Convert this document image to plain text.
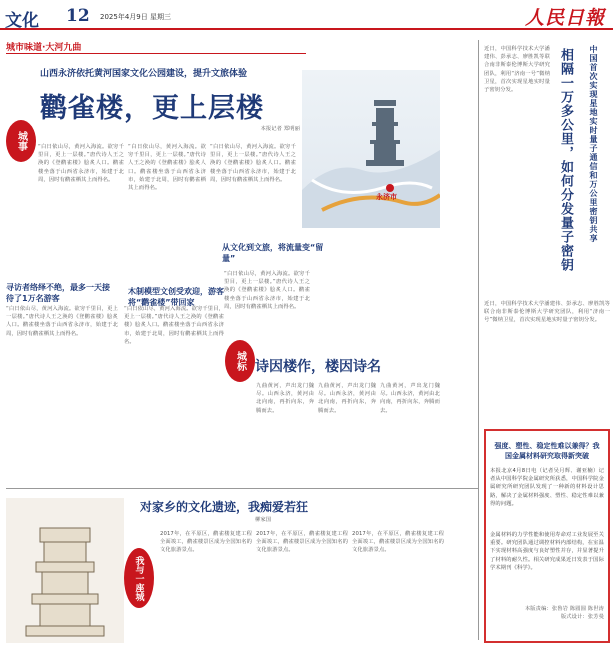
文化 12 2025年4月9日 星期三	人民日報
城市味道·大河九曲
山西永济依托黄河国家文化公园建设，提升文旅体验
鹳雀楼，更上层楼
本报记者 郑明丽
城事	“白日依山尽，黄河入海流。欲穷千里目，更上一层楼。”唐代诗人王之涣的《登鹳雀楼》脍炙人口。鹳雀楼坐落于山西省永济市，始建于北周，因时有鹳雀栖其上而得名。
“白日依山尽，黄河入海流。欲穷千里目，更上一层楼。”唐代诗人王之涣的《登鹳雀楼》脍炙人口。鹳雀楼坐落于山西省永济市，始建于北周，因时有鹳雀栖其上而得名。
“白日依山尽，黄河入海流。欲穷千里目，更上一层楼。”唐代诗人王之涣的《登鹳雀楼》脍炙人口。鹳雀楼坐落于山西省永济市，始建于北周，因时有鹳雀栖其上而得名。
寻访者络绎不绝，最多一天接待了1万名游客
木制模型文创受欢迎，游客将“鹳雀楼”带回家
从文化到文旅，将流量变“留量”
“白日依山尽，黄河入海流。欲穷千里目，更上一层楼。”唐代诗人王之涣的《登鹳雀楼》脍炙人口。鹳雀楼坐落于山西省永济市，始建于北周，因时有鹳雀栖其上而得名。
“白日依山尽，黄河入海流。欲穷千里目，更上一层楼。”唐代诗人王之涣的《登鹳雀楼》脍炙人口。鹳雀楼坐落于山西省永济市，始建于北周，因时有鹳雀栖其上而得名。
“白日依山尽，黄河入海流。欲穷千里目，更上一层楼。”唐代诗人王之涣的《登鹳雀楼》脍炙人口。鹳雀楼坐落于山西省永济市，始建于北周，因时有鹳雀栖其上而得名。
永济市
诗因楼作，楼因诗名
城标
九曲黄河，声出龙门魏尽。山西永济，黄河由北向南，再折向东，奔腾而去。
九曲黄河，声出龙门魏尽。山西永济，黄河由北向南，再折向东，奔腾而去。
九曲黄河，声出龙门魏尽。山西永济，黄河由北向南，再折向东，奔腾而去。
对家乡的文化遗迹，我痴爱若狂
柳家国
我与一座城
2017年，在平原区，鹳雀楼复建工程全面竣工，鹳雀楼景区成为全国知名的文化旅游景点。
2017年，在平原区，鹳雀楼复建工程全面竣工，鹳雀楼景区成为全国知名的文化旅游景点。
2017年，在平原区，鹳雀楼复建工程全面竣工，鹳雀楼景区成为全国知名的文化旅游景点。
中国首次实现星地实时量子通信和万公里密钥共享
相隔一万多公里，如何分发量子密钥
近日，中国科学技术大学潘建伟、彭承志、廖胜凯等联合南非斯泰伦博斯大学研究团队，利用“济南一号”微纳卫星，首次实现星地实时量子密钥分发。
近日，中国科学技术大学潘建伟、彭承志、廖胜凯等联合南非斯泰伦博斯大学研究团队，利用“济南一号”微纳卫星，首次实现星地实时量子密钥分发。
强度、塑性、稳定性难以兼得？我国金属材料研究取得新突破
本报北京4月8日电（记者吴月辉、谢亚楠）记者从中国科学院金属研究所获悉，中国科学院金属研究所研究团队发现了一种新的材料设计思路，解决了金属材料强度、塑性、稳定性难以兼得的问题。
金属材料的力学性能和使用寿命对工业发展至关重要。研究团队通过调控材料内部结构，在室温下实现材料高强度与良好塑性并存，并显著提升了材料的耐久性。相关研究成果近日发表于国际学术期刊《科学》。
本版责编：张鲁岩 陈圆圆 陈世涛
版式设计：张芳曼
